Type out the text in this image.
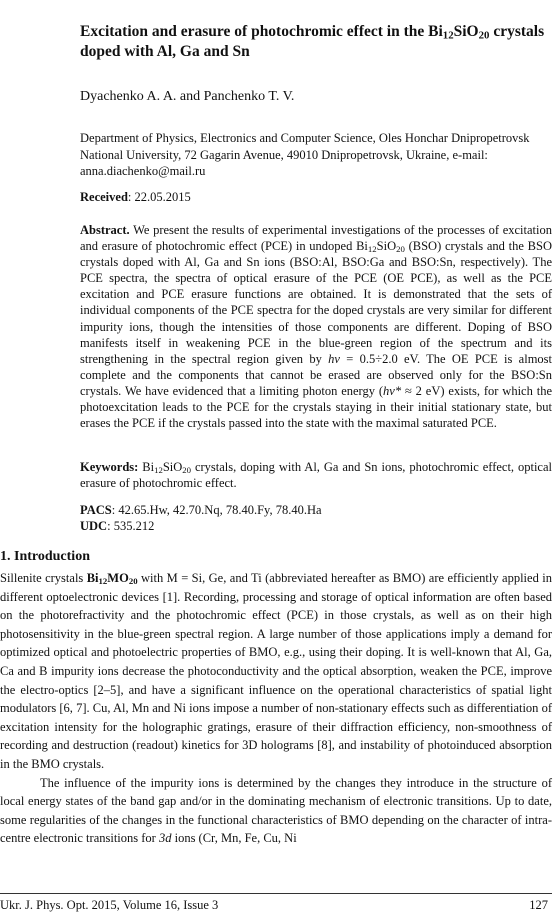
Excitation and erasure of photochromic effect in the $Bi_{12}SiO_{20}$ crystals doped with Al, Ga and Sn
Dyachenko A. A. and Panchenko T. V.
Department of Physics, Electronics and Computer Science, Oles Honchar Dnipropetrovsk National University, 72 Gagarin Avenue, 49010 Dnipropetrovsk, Ukraine, e-mail: anna.diachenko@mail.ru
Received: 22.05.2015
Abstract. We present the results of experimental investigations of the processes of excitation and erasure of photochromic effect (PCE) in undoped $Bi_{12}SiO_{20}$ (BSO) crystals and the BSO crystals doped with Al, Ga and Sn ions (BSO:Al, BSO:Ga and BSO:Sn, respectively). The PCE spectra, the spectra of optical erasure of the PCE (OE PCE), as well as the PCE excitation and PCE erasure functions are obtained. It is demonstrated that the sets of individual components of the PCE spectra for the doped crystals are very similar for different impurity ions, though the intensities of those components are different. Doping of BSO manifests itself in weakening PCE in the blue-green region of the spectrum and its strengthening in the spectral region given by hv = 0.5÷2.0 eV. The OE PCE is almost complete and the components that cannot be erased are observed only for the BSO:Sn crystals. We have evidenced that a limiting photon energy (hv* ≈ 2 eV) exists, for which the photoexcitation leads to the PCE for the crystals staying in their initial stationary state, but erases the PCE if the crystals passed into the state with the maximal saturated PCE.
Keywords: $Bi_{12}SiO_{20}$ crystals, doping with Al, Ga and Sn ions, photochromic effect, optical erasure of photochromic effect.
PACS: 42.65.Hw, 42.70.Nq, 78.40.Fy, 78.40.Ha
UDC: 535.212
1. Introduction

Sillenite crystals $Bi_{12}MO_{20}$ with M = Si, Ge, and Ti (abbreviated hereafter as BMO) are efficiently applied in different optoelectronic devices [1]. Recording, processing and storage of optical information are often based on the photorefractivity and the photochromic effect (PCE) in those crystals, as well as on their high photosensitivity in the blue-green spectral region. A large number of those applications imply a demand for optimized optical and photoelectric properties of BMO, e.g., using their doping. It is well-known that Al, Ga, Ca and B impurity ions decrease the photoconductivity and the optical absorption, weaken the PCE, improve the electro-optics [2–5], and have a significant influence on the operational characteristics of spatial light modulators [6, 7]. Cu, Al, Mn and Ni ions impose a number of non-stationary effects such as differentiation of excitation intensity for the holographic gratings, erasure of their diffraction efficiency, non-smoothness of recording and destruction (readout) kinetics for 3D holograms [8], and instability of photoinduced absorption in the BMO crystals.

The influence of the impurity ions is determined by the changes they introduce in the structure of local energy states of the band gap and/or in the dominating mechanism of electronic transitions. Up to date, some regularities of the changes in the functional characteristics of BMO depending on the character of intra-centre electronic transitions for 3d ions (Cr, Mn, Fe, Cu, Ni

Ukr. J. Phys. Opt. 2015, Volume 16, Issue 3	127
